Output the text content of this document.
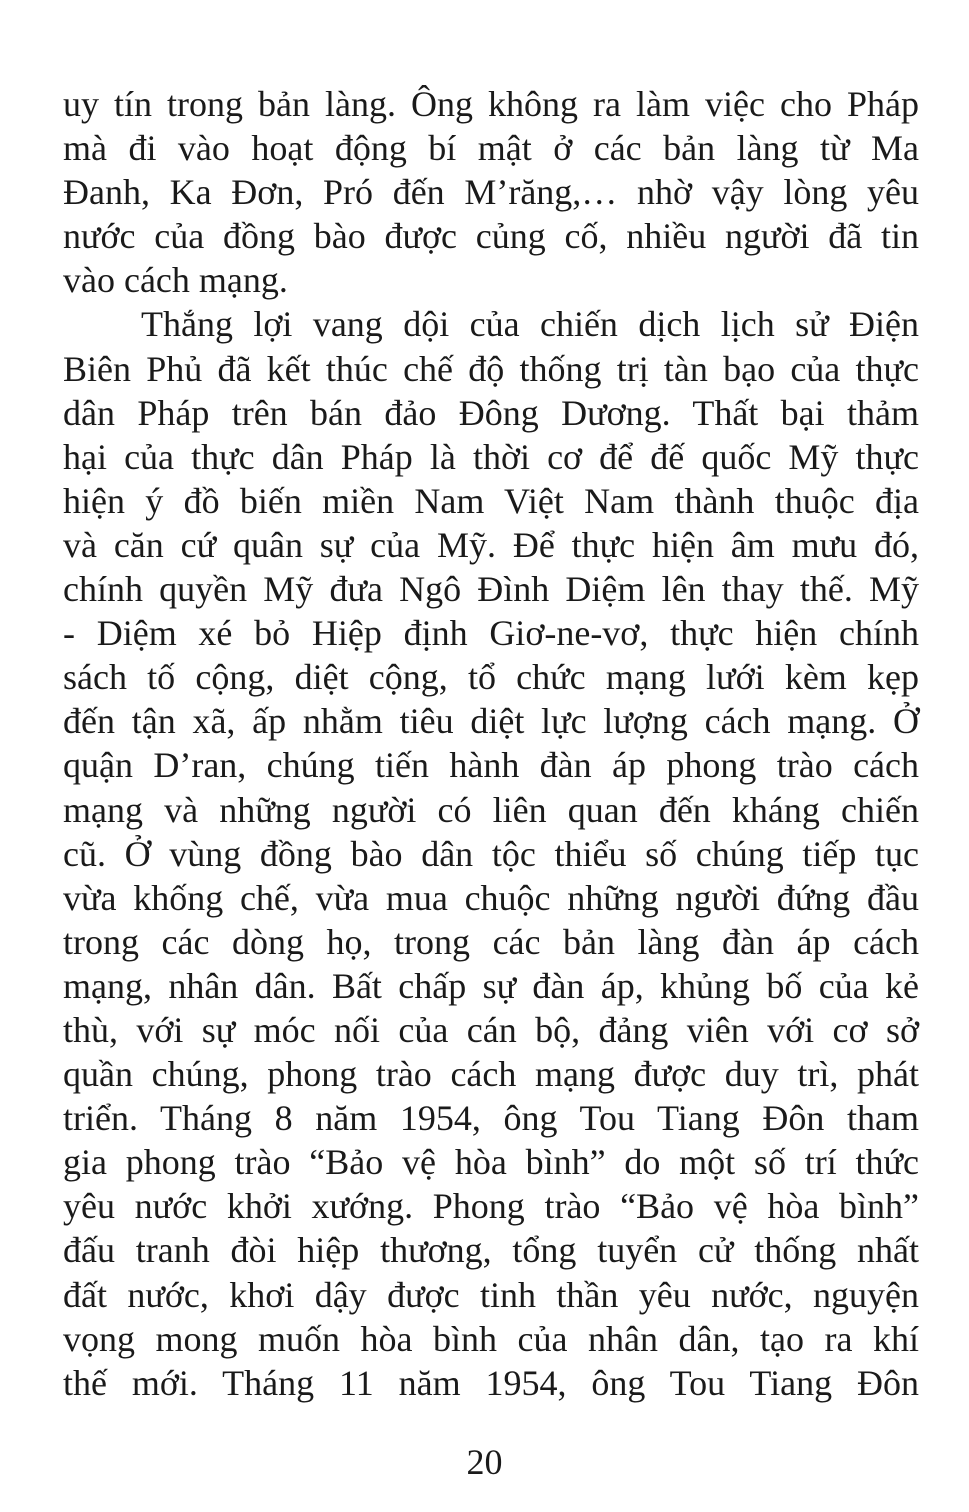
uy tín trong bản làng. Ông không ra làm việc cho Pháp
mà đi vào hoạt động bí mật ở các bản làng từ Ma
Đanh, Ka Đơn, Pró đến M’răng,… nhờ vậy lòng yêu
nước của đồng bào được củng cố, nhiều người đã tin
vào cách mạng.
Thắng lợi vang dội của chiến dịch lịch sử Điện
Biên Phủ đã kết thúc chế độ thống trị tàn bạo của thực
dân Pháp trên bán đảo Đông Dương. Thất bại thảm
hại của thực dân Pháp là thời cơ để đế quốc Mỹ thực
hiện ý đồ biến miền Nam Việt Nam thành thuộc địa
và căn cứ quân sự của Mỹ. Để thực hiện âm mưu đó,
chính quyền Mỹ đưa Ngô Đình Diệm lên thay thế. Mỹ
- Diệm xé bỏ Hiệp định Giơ-ne-vơ, thực hiện chính
sách tố cộng, diệt cộng, tổ chức mạng lưới kèm kẹp
đến tận xã, ấp nhằm tiêu diệt lực lượng cách mạng. Ở
quận D’ran, chúng tiến hành đàn áp phong trào cách
mạng và những người có liên quan đến kháng chiến
cũ. Ở vùng đồng bào dân tộc thiểu số chúng tiếp tục
vừa khống chế, vừa mua chuộc những người đứng đầu
trong các dòng họ, trong các bản làng đàn áp cách
mạng, nhân dân. Bất chấp sự đàn áp, khủng bố của kẻ
thù, với sự móc nối của cán bộ, đảng viên với cơ sở
quần chúng, phong trào cách mạng được duy trì, phát
triển. Tháng 8 năm 1954, ông Tou Tiang Đôn tham
gia phong trào “Bảo vệ hòa bình” do một số trí thức
yêu nước khởi xướng. Phong trào “Bảo vệ hòa bình”
đấu tranh đòi hiệp thương, tổng tuyển cử thống nhất
đất nước, khơi dậy được tinh thần yêu nước, nguyện
vọng mong muốn hòa bình của nhân dân, tạo ra khí
thế mới. Tháng 11 năm 1954, ông Tou Tiang Đôn
20
